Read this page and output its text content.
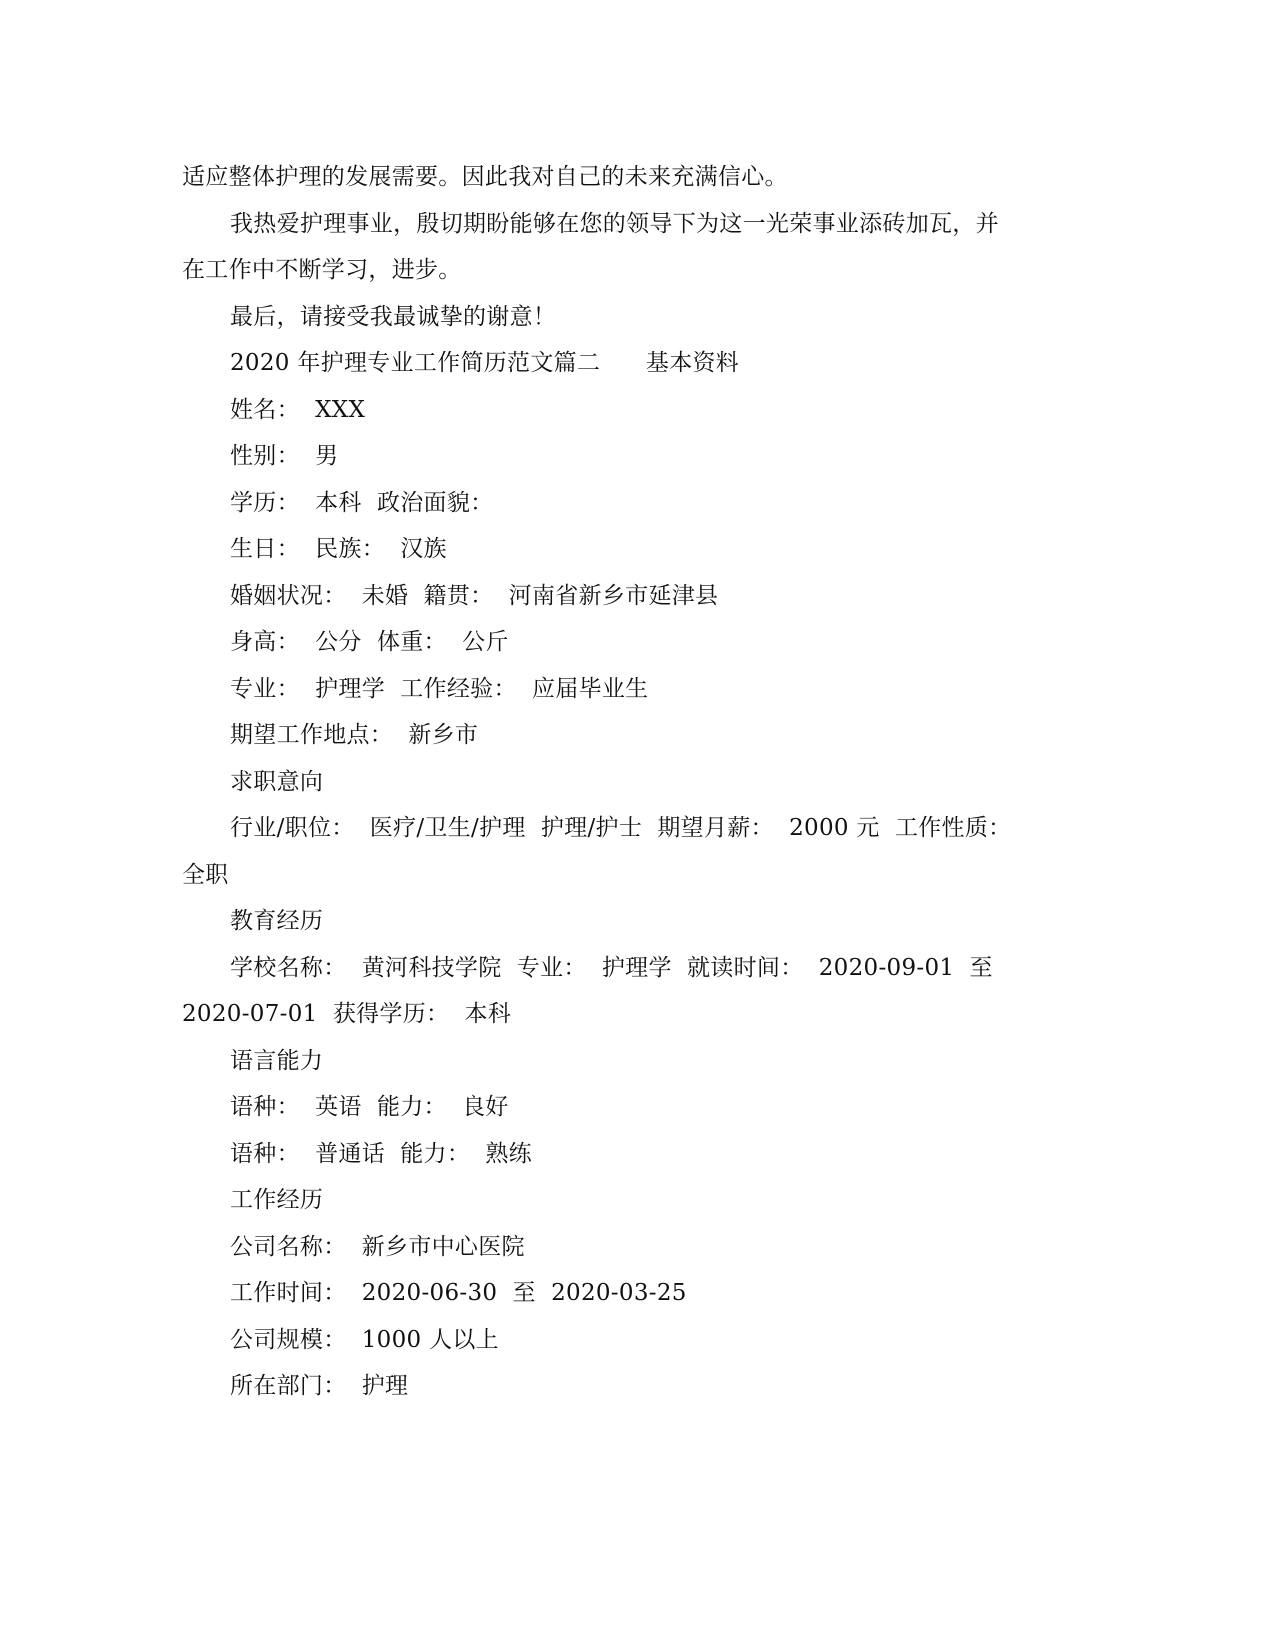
适应整体护理的发展需要。因此我对自己的未来充满信心。
我热爱护理事业，殷切期盼能够在您的领导下为这一光荣事业添砖加瓦，并
在工作中不断学习，进步。
最后，请接受我最诚挚的谢意！
2020 年护理专业工作简历范文篇二      基本资料
姓名：  XXX
性别：  男
学历：  本科  政治面貌：
生日：  民族：  汉族
婚姻状况：  未婚  籍贯：  河南省新乡市延津县
身高：  公分  体重：  公斤
专业：  护理学  工作经验：  应届毕业生
期望工作地点：  新乡市
求职意向
行业/职位：  医疗/卫生/护理  护理/护士  期望月薪：  2000 元  工作性质：
全职
教育经历
学校名称：  黄河科技学院  专业：  护理学  就读时间：  2020-09-01  至
2020-07-01  获得学历：  本科
语言能力
语种：  英语  能力：  良好
语种：  普通话  能力：  熟练
工作经历
公司名称：  新乡市中心医院
工作时间：  2020-06-30  至  2020-03-25
公司规模：  1000 人以上
所在部门：  护理
